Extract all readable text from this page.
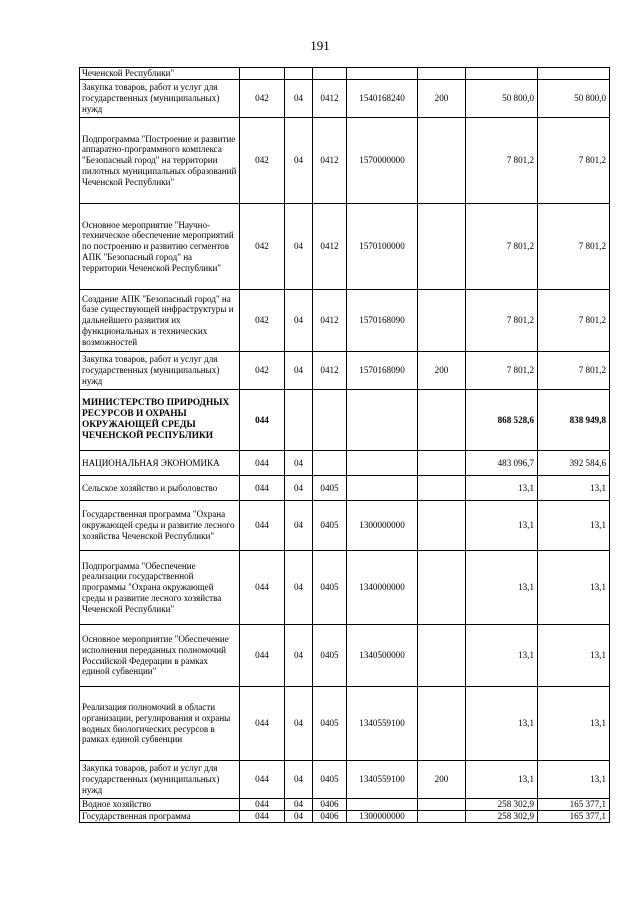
191
Чеченской Республики"							
Закупка товаров, работ и услуг для государственных (муниципальных) нужд	042	04	0412	1540168240	200	50 800,0	50 800,0
Подпрограмма "Построение и развитие аппаратно-программного комплекса "Безопасный город" на территории пилотных муниципальных образований Чеченской Республики"	042	04	0412	1570000000		7 801,2	7 801,2
Основное мероприятие "Научно-техническое обеспечение мероприятий по построению и развитию сегментов АПК "Безопасный город" на территории Чеченской Республики"	042	04	0412	1570100000		7 801,2	7 801,2
Создание АПК "Безопасный город" на базе существующей инфраструктуры и дальнейшего развития их функциональных и технических возможностей	042	04	0412	1570168090		7 801,2	7 801,2
Закупка товаров, работ и услуг для государственных (муниципальных) нужд	042	04	0412	1570168090	200	7 801,2	7 801,2
МИНИСТЕРСТВО ПРИРОДНЫХ РЕСУРСОВ И ОХРАНЫ ОКРУЖАЮЩЕЙ СРЕДЫ ЧЕЧЕНСКОЙ РЕСПУБЛИКИ	044					868 528,6	838 949,8
НАЦИОНАЛЬНАЯ ЭКОНОМИКА	044	04				483 096,7	392 584,6
Сельское хозяйство и рыболовство	044	04	0405			13,1	13,1
Государственная программа "Охрана окружающей среды и развитие лесного хозяйства Чеченской Республики"	044	04	0405	1300000000		13,1	13,1
Подпрограмма "Обеспечение реализации государственной программы "Охрана окружающей среды и развитие лесного хозяйства Чеченской Республики"	044	04	0405	1340000000		13,1	13,1
Основное мероприятие "Обеспечение исполнения переданных полномочий Российской Федерации в рамках единой субвенции"	044	04	0405	1340500000		13,1	13,1
Реализация полномочий в области организации, регулирования и охраны водных биологических ресурсов в рамках единой субвенции	044	04	0405	1340559100		13,1	13,1
Закупка товаров, работ и услуг для государственных (муниципальных) нужд	044	04	0405	1340559100	200	13,1	13,1
Водное хозяйство	044	04	0406			258 302,9	165 377,1
Государственная программа	044	04	0406	1300000000		258 302,9	165 377,1
